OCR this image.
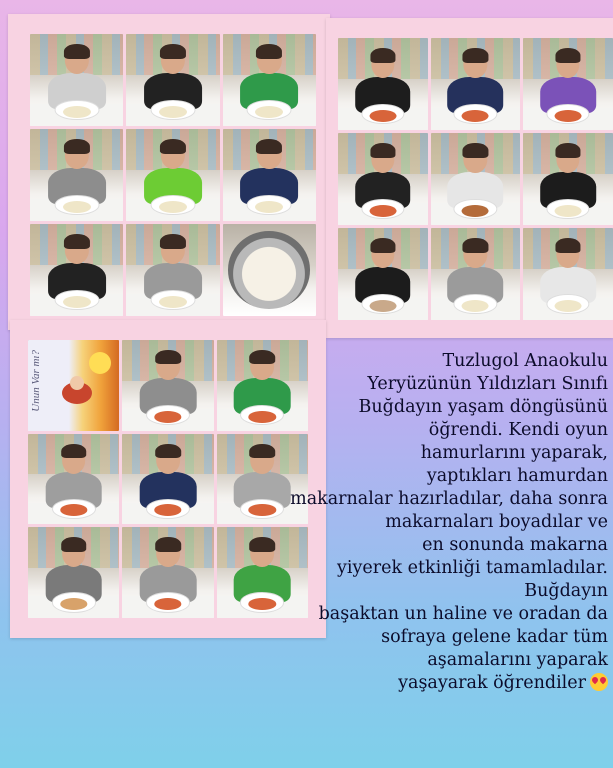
Unun Var mı?	Tuzlugol Anaokulu

Yeryüzünün Yıldızları Sınıfı

Buğdayın yaşam döngüsünü

öğrendi. Kendi oyun

hamurlarını yaparak,

yaptıkları hamurdan

makarnalar hazırladılar, daha sonra

makarnaları boyadılar ve

en sonunda makarna

yiyerek etkinliği tamamladılar.

Buğdayın

başaktan un haline ve oradan da

sofraya gelene kadar tüm

aşamalarını yaparak

yaşayarak öğrendiler
